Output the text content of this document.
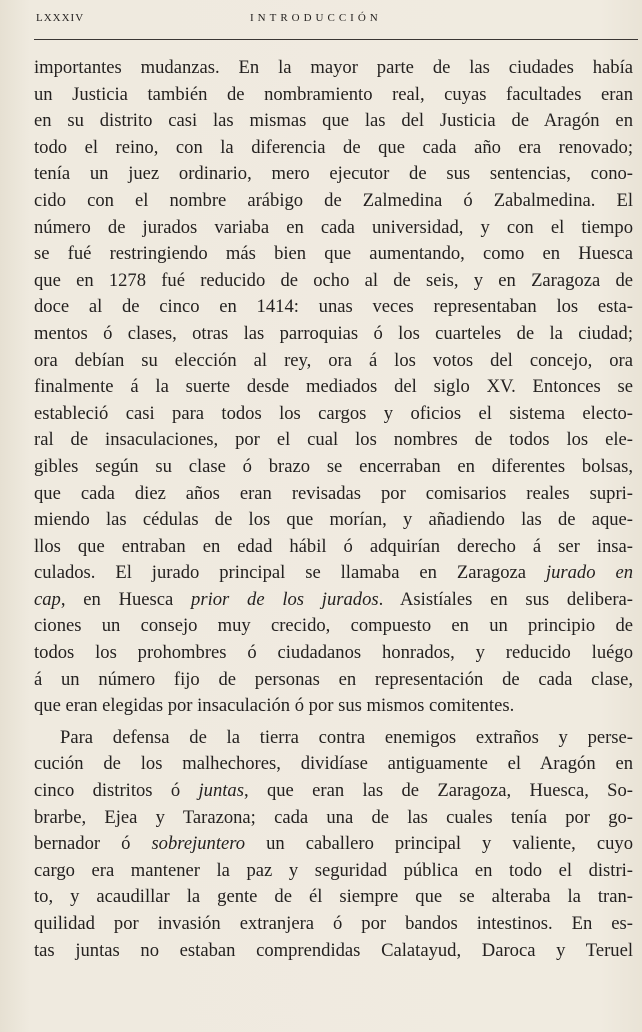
LXXXIV	INTRODUCCIÓN
importantes mudanzas. En la mayor parte de las ciudades había
un Justicia también de nombramiento real, cuyas facultades eran
en su distrito casi las mismas que las del Justicia de Aragón en
todo el reino, con la diferencia de que cada año era renovado;
tenía un juez ordinario, mero ejecutor de sus sentencias, cono-
cido con el nombre arábigo de Zalmedina ó Zabalmedina. El
número de jurados variaba en cada universidad, y con el tiempo
se fué restringiendo más bien que aumentando, como en Huesca
que en 1278 fué reducido de ocho al de seis, y en Zaragoza de
doce al de cinco en 1414: unas veces representaban los esta-
mentos ó clases, otras las parroquias ó los cuarteles de la ciudad;
ora debían su elección al rey, ora á los votos del concejo, ora
finalmente á la suerte desde mediados del siglo XV. Entonces se
estableció casi para todos los cargos y oficios el sistema electo-
ral de insaculaciones, por el cual los nombres de todos los ele-
gibles según su clase ó brazo se encerraban en diferentes bolsas,
que cada diez años eran revisadas por comisarios reales supri-
miendo las cédulas de los que morían, y añadiendo las de aque-
llos que entraban en edad hábil ó adquirían derecho á ser insa-
culados. El jurado principal se llamaba en Zaragoza jurado en
cap, en Huesca prior de los jurados. Asistíales en sus delibera-
ciones un consejo muy crecido, compuesto en un principio de
todos los prohombres ó ciudadanos honrados, y reducido luégo
á un número fijo de personas en representación de cada clase,
que eran elegidas por insaculación ó por sus mismos comitentes.
Para defensa de la tierra contra enemigos extraños y perse-
cución de los malhechores, dividíase antiguamente el Aragón en
cinco distritos ó juntas, que eran las de Zaragoza, Huesca, So-
brarbe, Ejea y Tarazona; cada una de las cuales tenía por go-
bernador ó sobrejuntero un caballero principal y valiente, cuyo
cargo era mantener la paz y seguridad pública en todo el distri-
to, y acaudillar la gente de él siempre que se alteraba la tran-
quilidad por invasión extranjera ó por bandos intestinos. En es-
tas juntas no estaban comprendidas Calatayud, Daroca y Teruel
